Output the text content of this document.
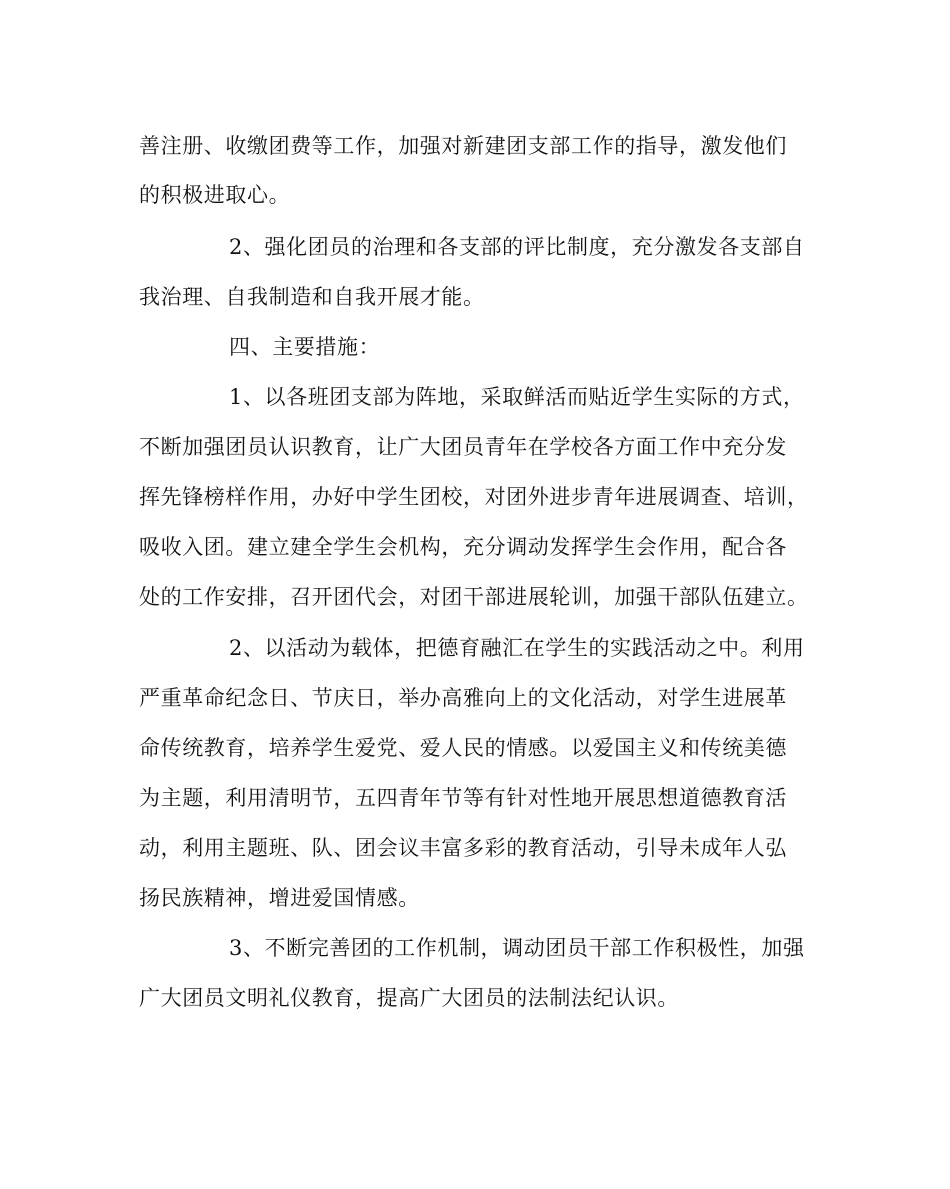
善注册、收缴团费等工作，加强对新建团支部工作的指导，激发他们
的积极进取心。
2、强化团员的治理和各支部的评比制度，充分激发各支部自
我治理、自我制造和自我开展才能。
四、主要措施：
1、以各班团支部为阵地，采取鲜活而贴近学生实际的方式，
不断加强团员认识教育，让广大团员青年在学校各方面工作中充分发
挥先锋榜样作用，办好中学生团校，对团外进步青年进展调查、培训，
吸收入团。建立建全学生会机构，充分调动发挥学生会作用，配合各
处的工作安排，召开团代会，对团干部进展轮训，加强干部队伍建立。
2、以活动为载体，把德育融汇在学生的实践活动之中。利用
严重革命纪念日、节庆日，举办高雅向上的文化活动，对学生进展革
命传统教育，培养学生爱党、爱人民的情感。以爱国主义和传统美德
为主题，利用清明节，五四青年节等有针对性地开展思想道德教育活
动，利用主题班、队、团会议丰富多彩的教育活动，引导未成年人弘
扬民族精神，增进爱国情感。
3、不断完善团的工作机制，调动团员干部工作积极性，加强
广大团员文明礼仪教育，提高广大团员的法制法纪认识。
